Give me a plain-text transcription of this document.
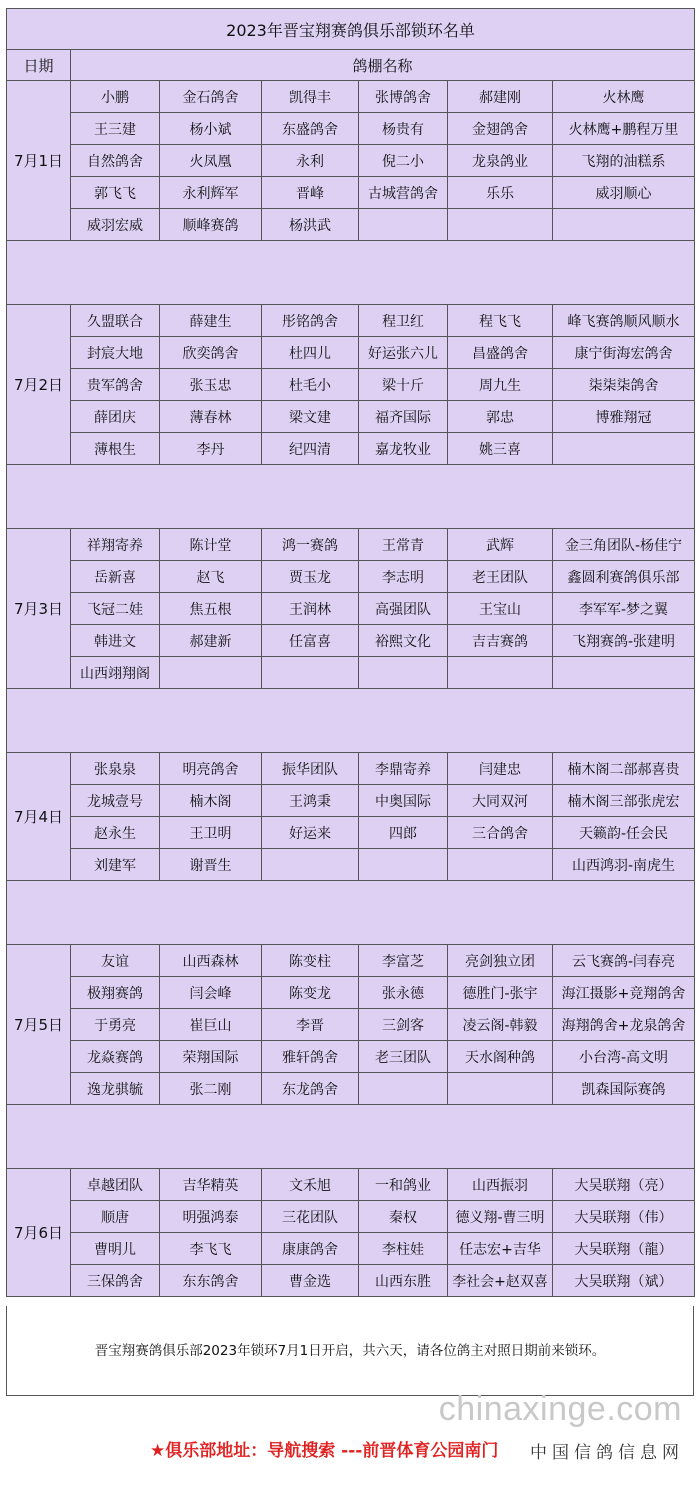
2023年晋宝翔赛鸽俱乐部锁环名单						
日期	鸽棚名称					
7月1日	小鹏	金石鸽舍	凯得丰	张博鸽舍	郝建刚	火林鹰
	王三建	杨小斌	东盛鸽舍	杨贵有	金翅鸽舍	火林鹰+鹏程万里
	自然鸽舍	火凤凰	永利	倪二小	龙泉鸽业	飞翔的油糕系
	郭飞飞	永利辉军	晋峰	古城营鸽舍	乐乐	威羽顺心
	威羽宏威	顺峰赛鸽	杨洪武			

7月2日	久盟联合	薛建生	彤铭鸽舍	程卫红	程飞飞	峰飞赛鸽顺风顺水
	封宸大地	欣奕鸽舍	杜四儿	好运张六儿	昌盛鸽舍	康宁街海宏鸽舍
	贵军鸽舍	张玉忠	杜毛小	梁十斤	周九生	柒柒柒鸽舍
	薛团庆	薄春林	梁文建	福齐国际	郭忠	博雅翔冠
	薄根生	李丹	纪四清	嘉龙牧业	姚三喜	

7月3日	祥翔寄养	陈计堂	鸿一赛鸽	王常青	武辉	金三角团队-杨佳宁
	岳新喜	赵飞	贾玉龙	李志明	老王团队	鑫圆利赛鸽俱乐部
	飞冠二娃	焦五根	王润林	高强团队	王宝山	李军军-梦之翼
	韩进文	郝建新	任富喜	裕熙文化	吉吉赛鸽	飞翔赛鸽-张建明
	山西翊翔阁					

7月4日	张泉泉	明亮鸽舍	振华团队	李鼎寄养	闫建忠	楠木阁二部郝喜贵
	龙城壹号	楠木阁	王鸿秉	中奥国际	大同双河	楠木阁三部张虎宏
	赵永生	王卫明	好运来	四郎	三合鸽舍	天籁韵-任会民
	刘建军	谢晋生				山西鸿羽-南虎生

7月5日	友谊	山西森林	陈变柱	李富芝	亮剑独立团	云飞赛鸽-闫春亮
	极翔赛鸽	闫会峰	陈变龙	张永德	德胜门-张宇	海江摄影+竞翔鸽舍
	于勇亮	崔巨山	李晋	三剑客	凌云阁-韩毅	海翔鸽舍+龙泉鸽舍
	龙焱赛鸽	荣翔国际	雅轩鸽舍	老三团队	天水阁种鸽	小台湾-高文明
	逸龙骐毓	张二刚	东龙鸽舍			凯森国际赛鸽

7月6日	卓越团队	吉华精英	文禾旭	一和鸽业	山西振羽	大吴联翔（亮）
	顺唐	明强鸿泰	三花团队	秦权	德义翔-曹三明	大吴联翔（伟）
	曹明儿	李飞飞	康康鸽舍	李柱娃	任志宏+吉华	大吴联翔（龍）
	三保鸽舍	东东鸽舍	曹金选	山西东胜	李社会+赵双喜	大吴联翔（斌）
晋宝翔赛鸽俱乐部2023年锁环7月1日开启，共六天，请各位鸽主对照日期前来锁环。
chinaxinge.com
★俱乐部地址：导航搜索 ---前晋体育公园南门 中国信鸽信息网
